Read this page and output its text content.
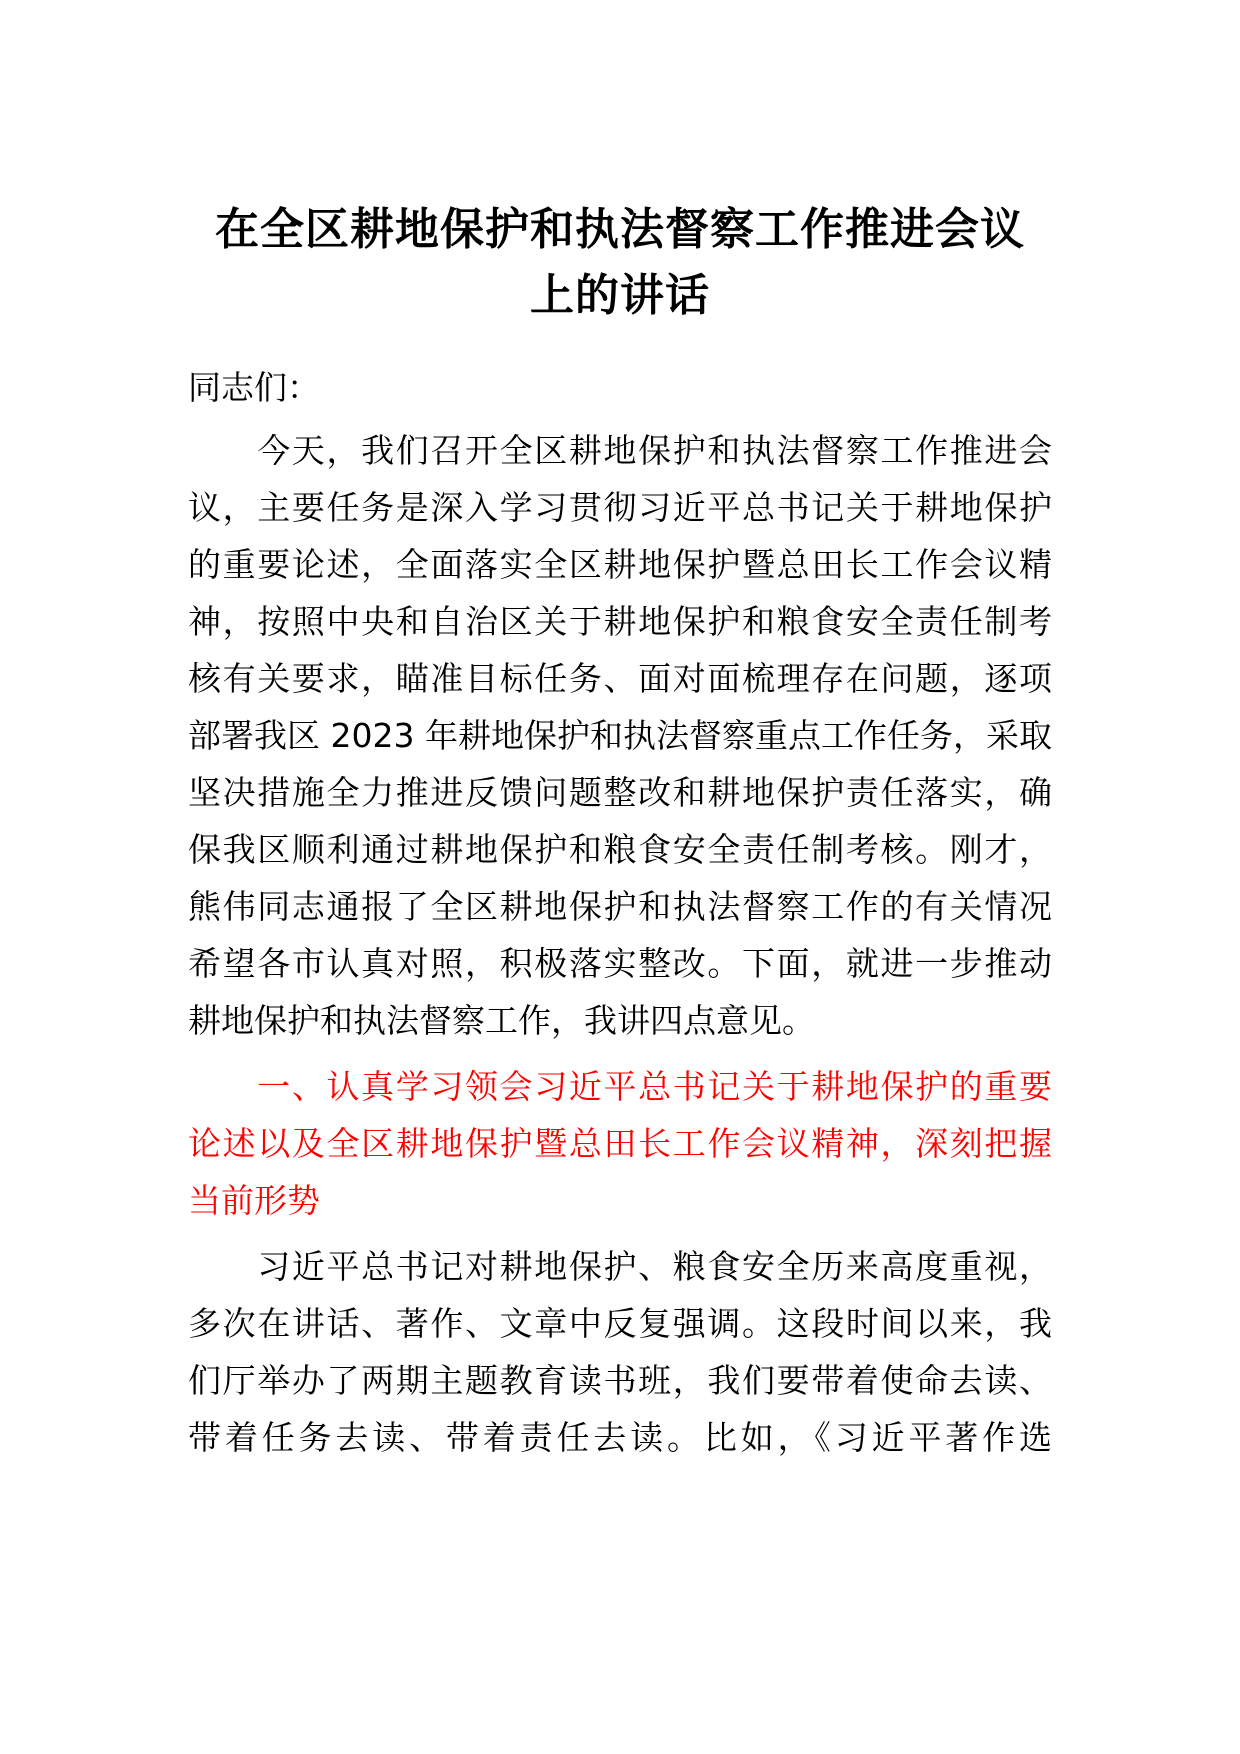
在全区耕地保护和执法督察工作推进会议
上的讲话
同志们：
　　今天，我们召开全区耕地保护和执法督察工作推进会
议，主要任务是深入学习贯彻习近平总书记关于耕地保护
的重要论述，全面落实全区耕地保护暨总田长工作会议精
神，按照中央和自治区关于耕地保护和粮食安全责任制考
核有关要求，瞄准目标任务、面对面梳理存在问题，逐项
部署我区 2023 年耕地保护和执法督察重点工作任务，采取
坚决措施全力推进反馈问题整改和耕地保护责任落实，确
保我区顺利通过耕地保护和粮食安全责任制考核。刚才，
熊伟同志通报了全区耕地保护和执法督察工作的有关情况
希望各市认真对照，积极落实整改。下面，就进一步推动
耕地保护和执法督察工作，我讲四点意见。
　　一、认真学习领会习近平总书记关于耕地保护的重要
论述以及全区耕地保护暨总田长工作会议精神，深刻把握
当前形势
　　习近平总书记对耕地保护、粮食安全历来高度重视，
多次在讲话、著作、文章中反复强调。这段时间以来，我
们厅举办了两期主题教育读书班，我们要带着使命去读、
带着任务去读、带着责任去读。比如，《习近平著作选
